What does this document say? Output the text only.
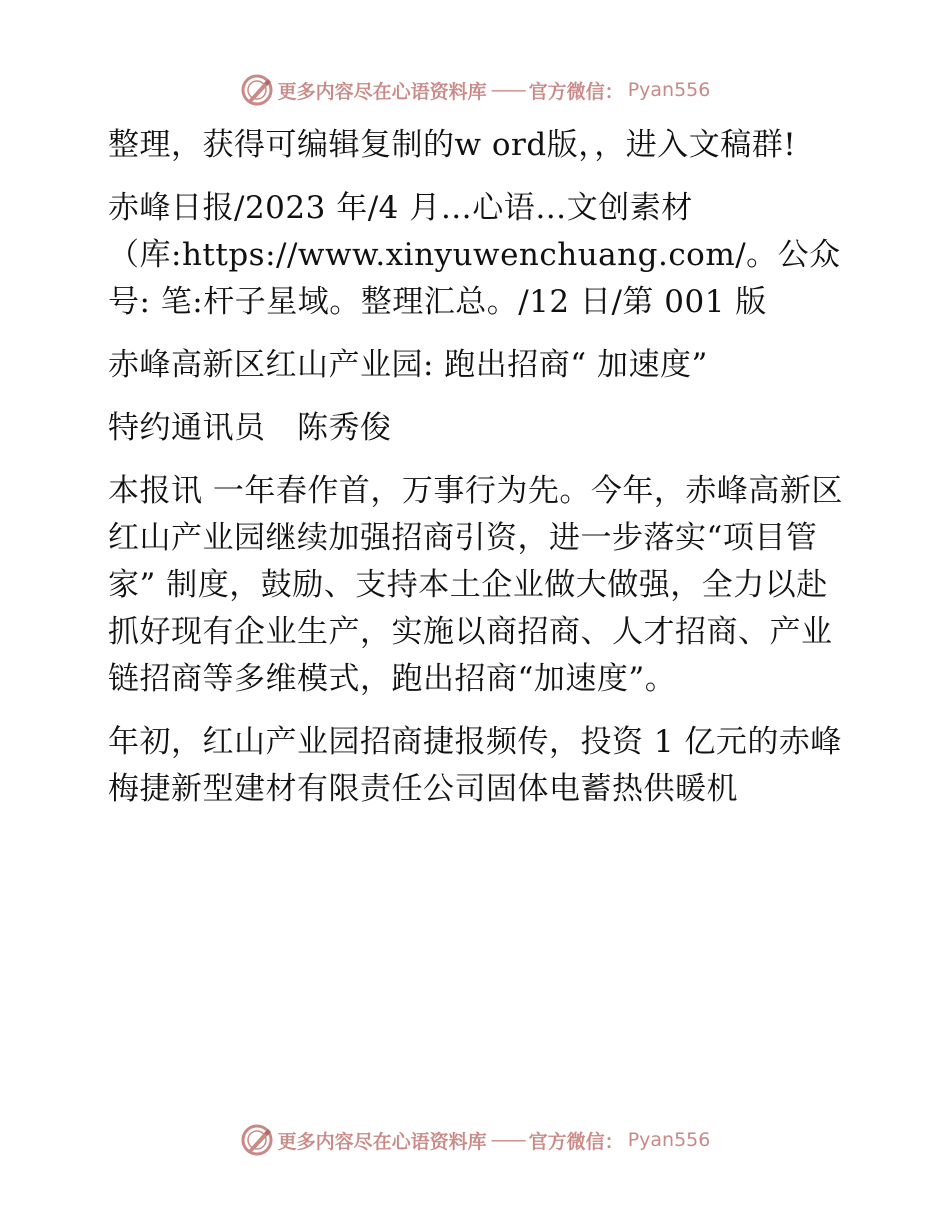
更多内容尽在心语资料库 —— 官方微信： Pyan556

整理，获得可编辑复制的w ord版，，进入文稿群!

赤峰日报/2023 年/4 月…心语…文创素材（库:https://www.xinyuwenchuang.com/。公众号: 笔:杆子星域。整理汇总。/12 日/第 001 版

赤峰高新区红山产业园: 跑出招商“ 加速度”

特约通讯员　陈秀俊

本报讯 一年春作首，万事行为先。今年，赤峰高新区红山产业园继续加强招商引资，进一步落实“项目管家” 制度，鼓励、支持本土企业做大做强，全力以赴抓好现有企业生产，实施以商招商、人才招商、产业链招商等多维模式，跑出招商“加速度”。

年初，红山产业园招商捷报频传，投资 1 亿元的赤峰梅捷新型建材有限责任公司固体电蓄热供暖机

更多内容尽在心语资料库 —— 官方微信： Pyan556
